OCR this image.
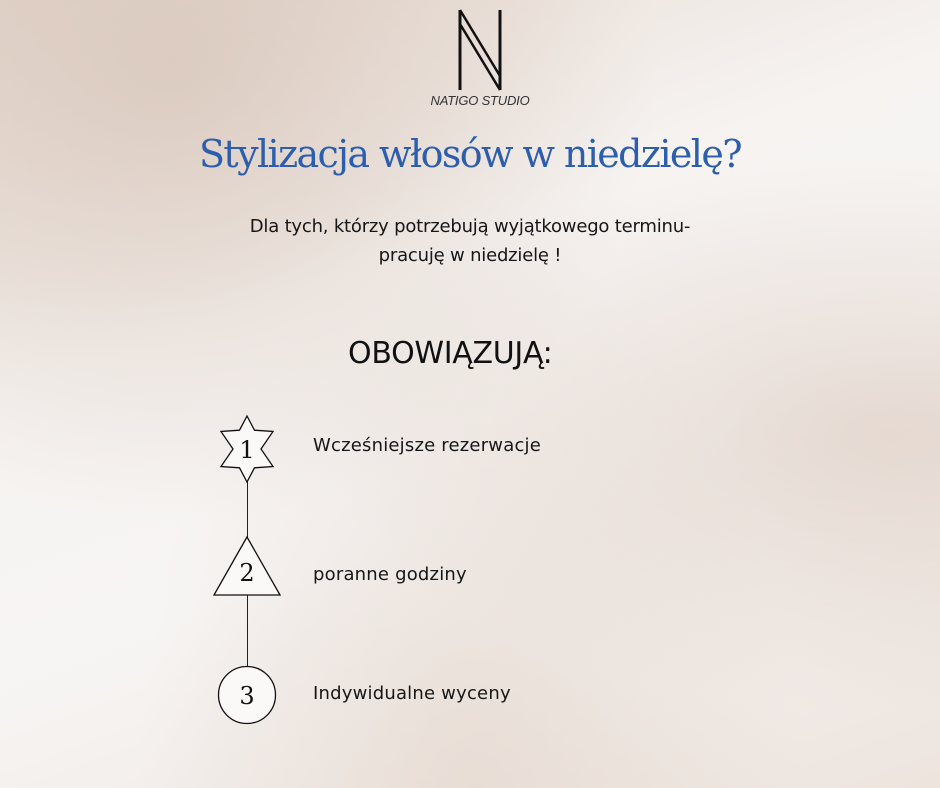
NATIGO STUDIO
Stylizacja włosów w niedzielę?
Dla tych, którzy potrzebują wyjątkowego terminu-
pracuję w niedzielę !
OBOWIĄZUJĄ:
1	Wcześniejsze rezerwacje
2	poranne godziny
3	Indywidualne wyceny
